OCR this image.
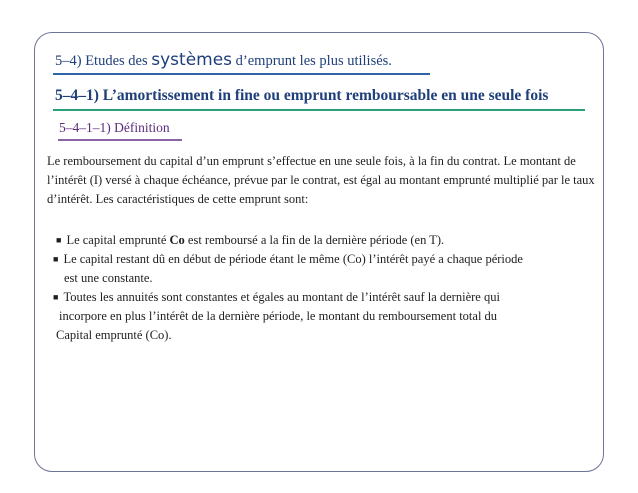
5–4) Etudes des systèmes d’emprunt les plus utilisés.
5–4–1) L’amortissement in fine ou emprunt remboursable en une seule fois
5–4–1–1) Définition

Le remboursement du capital d’un emprunt s’effectue en une seule fois, à la fin du contrat. Le montant de l’intérêt (I) versé à chaque échéance, prévue par le contrat, est égal au montant emprunté multiplié par le taux d’intérêt. Les caractéristiques de cette emprunt sont:

■ Le capital emprunté Co est remboursé a la fin de la dernière période (en T).
■ Le capital restant dû en début de période étant le même (Co) l’intérêt payé a chaque période
est une constante.
■ Toutes les annuités sont constantes et égales au montant de l’intérêt sauf la dernière qui
incorpore en plus l’intérêt de la dernière période, le montant du remboursement total du
Capital emprunté (Co).
